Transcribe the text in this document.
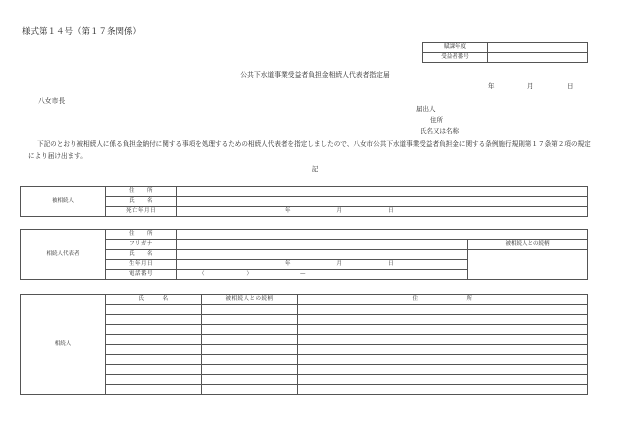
様式第１４号（第１７条関係）
賦課年度	
受益者番号	
公共下水道事業受益者負担金相続人代表者指定届
年	月	日
八女市長
届出人
住所
氏名又は名称
下記のとおり被相続人に係る負担金納付に関する事項を処理するための相続人代表者を指定しましたので、八女市公共下水道事業受益者負担金に関する条例施行規則第１７条第２項の規定により届け出ます。
記
被相続人	住　　所	
	氏　　名	
	死亡年月日	年 月 日
相続人代表者	住　　所		
	フリガナ		被相続人との続柄
	氏　　名		
	生年月日	年 月 日	
	電話番号	（ ） —	
相続人	氏　　　名	被相続人との続柄	住　　　　　　　　所
